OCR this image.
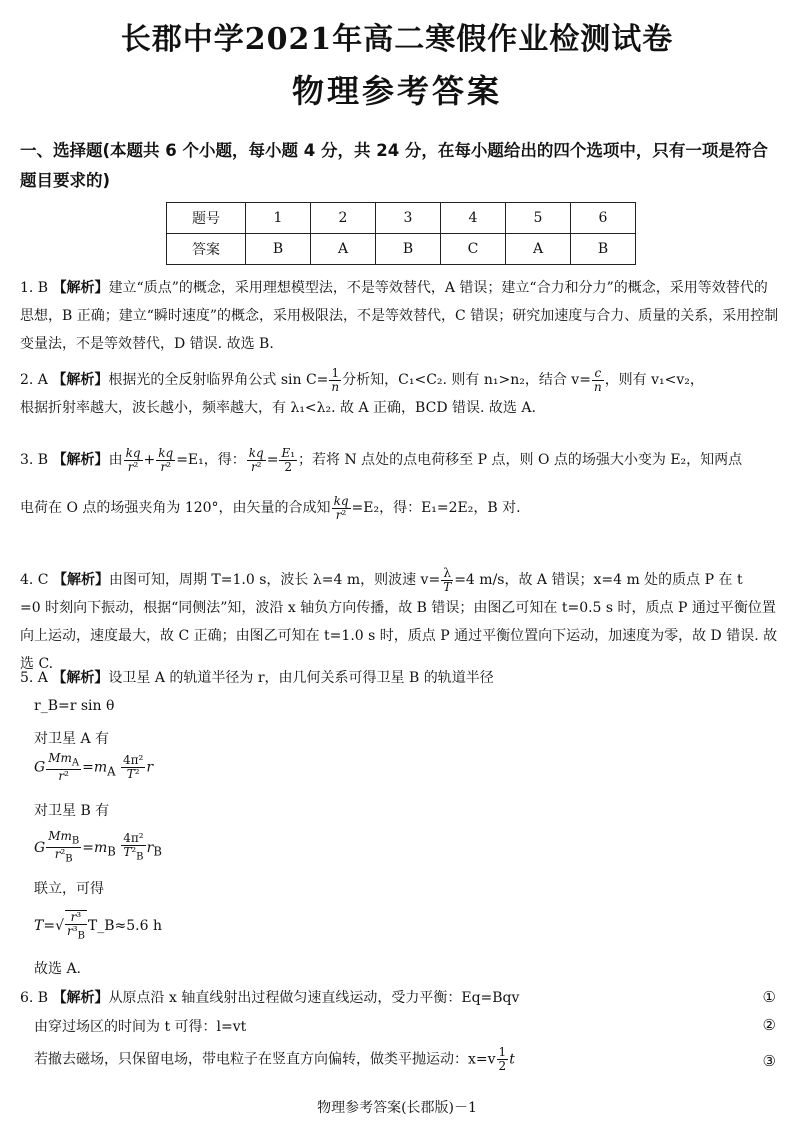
长郡中学2021年高二寒假作业检测试卷
物理参考答案
一、选择题(本题共 6 个小题，每小题 4 分，共 24 分，在每小题给出的四个选项中，只有一项是符合题目要求的)
题号	1	2	3	4	5	6
答案	B	A	B	C	A	B
1. B 【解析】建立“质点”的概念，采用理想模型法，不是等效替代，A 错误；建立“合力和分力”的概念，采用等效替代的思想，B 正确；建立“瞬时速度”的概念，采用极限法，不是等效替代，C 错误；研究加速度与合力、质量的关系，采用控制变量法，不是等效替代，D 错误. 故选 B.
2. A 【解析】根据光的全反射临界角公式 $\sin C= \frac{1}{n}$ 分析知，C₁<C₂. 则有 n₁>n₂，结合 $v= \frac{c}{n}$ ，则有 v₁<v₂，
根据折射率越大，波长越小，频率越大，有 λ₁<λ₂. 故 A 正确，BCD 错误. 故选 A.
3. B 【解析】由 $\frac{kq}{\text{r²}} + \frac{kq}{\text{r²}} =E_1$，得： $\frac{kq}{\text{r²}} = \frac{\text{E₁}}{2}$ ；若将 N 点处的点电荷移至 P 点，则 O 点的场强大小变为 E₂，知两点
电荷在 O 点的场强夹角为 120°，由矢量的合成知 $\frac{kq}{\text{r²}} =E_2$，得：E₁=2E₂，B 对.
4. C 【解析】由图可知，周期 T=1.0 s，波长 λ=4 m，则波速 $v= \frac{\lambda}{T} =4$ m/s，故 A 错误；x=4 m 处的质点 P 在 t
=0 时刻向下振动，根据“同侧法”知，波沿 x 轴负方向传播，故 B 错误；由图乙可知在 t=0.5 s 时，质点 P 通过平衡位置向上运动，速度最大，故 C 正确；由图乙可知在 t=1.0 s 时，质点 P 通过平衡位置向下运动，加速度为零，故 D 错误. 故选 C.
5. A 【解析】设卫星 A 的轨道半径为 r，由几何关系可得卫星 B 的轨道半径
r_B=r sin θ
对卫星 A 有
G $\frac{Mm_A}{\text{r²}} =m_A \frac{\text{4π²}}{\text{T²}}$ r
对卫星 B 有
G $\frac{Mm_B}{r^2_B} =m_B \frac{\text{4π²}}{T^2_B} r_B$
联立，可得
$T=√ \frac{\text{r³}}{r^3_B}$ T_B≈5.6 h
故选 A.
6. B 【解析】从原点沿 x 轴直线射出过程做匀速直线运动，受力平衡：Eq=Bqv	①
由穿过场区的时间为 t 可得：l=vt	②
若撤去磁场，只保留电场，带电粒子在竖直方向偏转，做类平抛运动：$x=v \frac{1}{2}$ t	③
物理参考答案(长郡版)－1
